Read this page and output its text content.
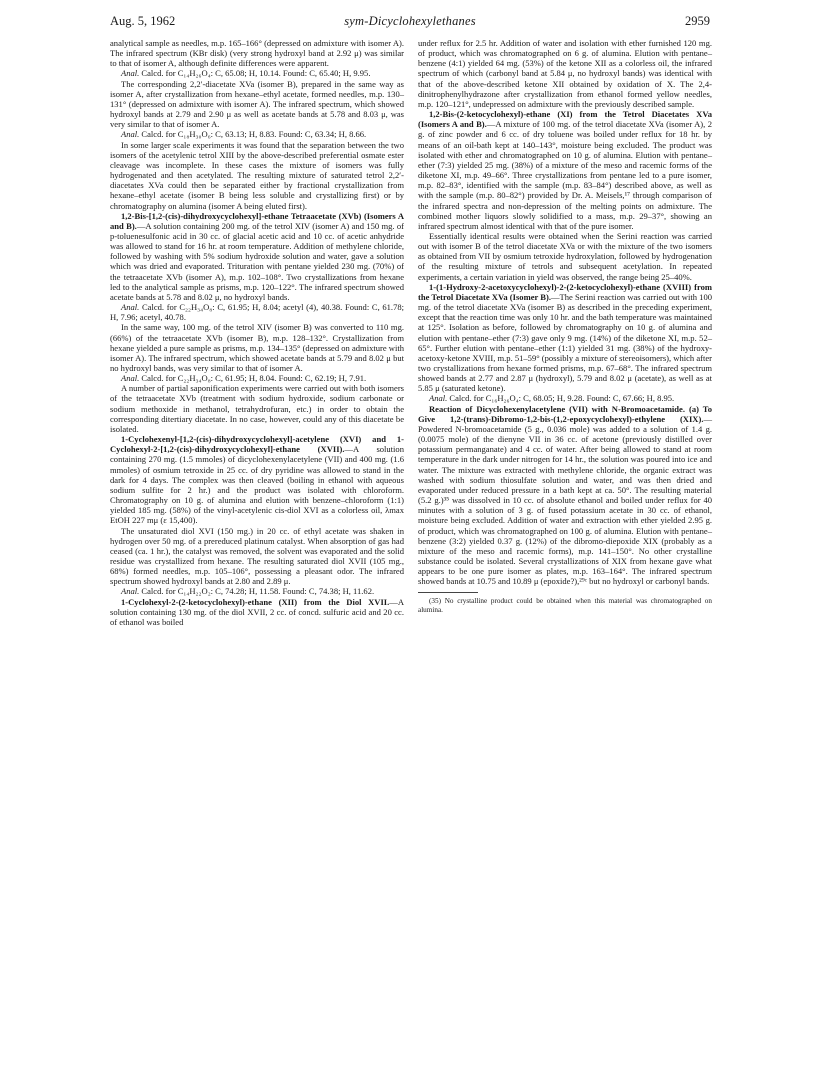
Aug. 5, 1962	sym-Dicyclohexylethanes	2959

analytical sample as needles, m.p. 165–166° (depressed on admixture with isomer A). The infrared spectrum (KBr disk) (very strong hydroxyl band at 2.92 μ) was similar to that of isomer A, although definite differences were apparent.

Anal. Calcd. for C₁₄H₂₆O₄: C, 65.08; H, 10.14. Found: C, 65.40; H, 9.95.

The corresponding 2,2′-diacetate XVa (isomer B), prepared in the same way as isomer A, after crystallization from hexane–ethyl acetate, formed needles, m.p. 130–131° (depressed on admixture with isomer A). The infrared spectrum, which showed hydroxyl bands at 2.79 and 2.90 μ as well as acetate bands at 5.78 and 8.03 μ, was very similar to that of isomer A.

Anal. Calcd. for C₁₈H₃₀O₆: C, 63.13; H, 8.83. Found: C, 63.34; H, 8.66.

In some larger scale experiments it was found that the separation between the two isomers of the acetylenic tetrol XIII by the above-described preferential osmate ester cleavage was incomplete. In these cases the mixture of isomers was fully hydrogenated and then acetylated. The resulting mixture of saturated tetrol 2,2′-diacetates XVa could then be separated either by fractional crystallization from hexane–ethyl acetate (isomer B being less soluble and crystallizing first) or by chromatography on alumina (isomer A being eluted first).

1,2-Bis-[1,2-(cis)-dihydroxycyclohexyl]-ethane Tetraacetate (XVb) (Isomers A and B).—A solution containing 200 mg. of the tetrol XIV (isomer A) and 150 mg. of p-toluenesulfonic acid in 30 cc. of glacial acetic acid and 10 cc. of acetic anhydride was allowed to stand for 16 hr. at room temperature. Addition of methylene chloride, followed by washing with 5% sodium hydroxide solution and water, gave a solution which was dried and evaporated. Trituration with pentane yielded 230 mg. (70%) of the tetraacetate XVb (isomer A), m.p. 102–108°. Two crystallizations from hexane led to the analytical sample as prisms, m.p. 120–122°. The infrared spectrum showed acetate bands at 5.78 and 8.02 μ, no hydroxyl bands.

Anal. Calcd. for C₂₂H₃₄O₈: C, 61.95; H, 8.04; acetyl (4), 40.38. Found: C, 61.78; H, 7.96; acetyl, 40.78.

In the same way, 100 mg. of the tetrol XIV (isomer B) was converted to 110 mg. (66%) of the tetraacetate XVb (isomer B), m.p. 128–132°. Crystallization from hexane yielded a pure sample as prisms, m.p. 134–135° (depressed on admixture with isomer A). The infrared spectrum, which showed acetate bands at 5.79 and 8.02 μ but no hydroxyl bands, was very similar to that of isomer A.

Anal. Calcd. for C₂₂H₃₄O₈: C, 61.95; H, 8.04. Found: C, 62.19; H, 7.91.

A number of partial saponification experiments were carried out with both isomers of the tetraacetate XVb (treatment with sodium hydroxide, sodium carbonate or sodium methoxide in methanol, tetrahydrofuran, etc.) in order to obtain the corresponding ditertiary diacetate. In no case, however, could any of this diacetate be isolated.

1-Cyclohexenyl-[1,2-(cis)-dihydroxycyclohexyl]-acetylene (XVI) and 1-Cyclohexyl-2-[1,2-(cis)-dihydroxycyclohexyl]-ethane (XVII).—A solution containing 270 mg. (1.5 mmoles) of dicyclohexenylacetylene (VII) and 400 mg. (1.6 mmoles) of osmium tetroxide in 25 cc. of dry pyridine was allowed to stand in the dark for 4 days. The complex was then cleaved (boiling in ethanol with aqueous sodium sulfite for 2 hr.) and the product was isolated with chloroform. Chromatography on 10 g. of alumina and elution with benzene–chloroform (1:1) yielded 185 mg. (58%) of the vinyl-acetylenic cis-diol XVI as a colorless oil, λmax EtOH 227 mμ (ε 15,400).

The unsaturated diol XVI (150 mg.) in 20 cc. of ethyl acetate was shaken in hydrogen over 50 mg. of a prereduced platinum catalyst. When absorption of gas had ceased (ca. 1 hr.), the catalyst was removed, the solvent was evaporated and the solid residue was crystallized from hexane. The resulting saturated diol XVII (105 mg., 68%) formed needles, m.p. 105–106°, possessing a pleasant odor. The infrared spectrum showed hydroxyl bands at 2.80 and 2.89 μ.

Anal. Calcd. for C₁₄H₂₂O₂: C, 74.28; H, 11.58. Found: C, 74.38; H, 11.62.

1-Cyclohexyl-2-(2-ketocyclohexyl)-ethane (XII) from the Diol XVII.—A solution containing 130 mg. of the diol XVII, 2 cc. of concd. sulfuric acid and 20 cc. of ethanol was boiled

under reflux for 2.5 hr. Addition of water and isolation with ether furnished 120 mg. of product, which was chromatographed on 6 g. of alumina. Elution with pentane–benzene (4:1) yielded 64 mg. (53%) of the ketone XII as a colorless oil, the infrared spectrum of which (carbonyl band at 5.84 μ, no hydroxyl bands) was identical with that of the above-described ketone XII obtained by oxidation of X. The 2,4-dinitrophenylhydrazone after crystallization from ethanol formed yellow needles, m.p. 120–121°, undepressed on admixture with the previously described sample.

1,2-Bis-(2-ketocyclohexyl)-ethane (XI) from the Tetrol Diacetates XVa (Isomers A and B).—A mixture of 100 mg. of the tetrol diacetate XVa (isomer A), 2 g. of zinc powder and 6 cc. of dry toluene was boiled under reflux for 18 hr. by means of an oil-bath kept at 140–143°, moisture being excluded. The product was isolated with ether and chromatographed on 10 g. of alumina. Elution with pentane–ether (7:3) yielded 25 mg. (38%) of a mixture of the meso and racemic forms of the diketone XI, m.p. 49–66°. Three crystallizations from pentane led to a pure isomer, m.p. 82–83°, identified with the sample (m.p. 83–84°) described above, as well as with the sample (m.p. 80–82°) provided by Dr. A. Meisels,¹⁷ through comparison of the infrared spectra and non-depression of the melting points on admixture. The combined mother liquors slowly solidified to a mass, m.p. 29–37°, showing an infrared spectrum almost identical with that of the pure isomer.

Essentially identical results were obtained when the Serini reaction was carried out with isomer B of the tetrol diacetate XVa or with the mixture of the two isomers as obtained from VII by osmium tetroxide hydroxylation, followed by hydrogenation of the resulting mixture of tetrols and subsequent acetylation. In repeated experiments, a certain variation in yield was observed, the range being 25–40%.

1-(1-Hydroxy-2-acetoxycyclohexyl)-2-(2-ketocyclohexyl)-ethane (XVIII) from the Tetrol Diacetate XVa (Isomer B).—The Serini reaction was carried out with 100 mg. of the tetrol diacetate XVa (isomer B) as described in the preceding experiment, except that the reaction time was only 10 hr. and the bath temperature was maintained at 125°. Isolation as before, followed by chromatography on 10 g. of alumina and elution with pentane–ether (7:3) gave only 9 mg. (14%) of the diketone XI, m.p. 52–65°. Further elution with pentane–ether (1:1) yielded 31 mg. (38%) of the hydroxy-acetoxy-ketone XVIII, m.p. 51–59° (possibly a mixture of stereoisomers), which after two crystallizations from hexane formed prisms, m.p. 67–68°. The infrared spectrum showed bands at 2.77 and 2.87 μ (hydroxyl), 5.79 and 8.02 μ (acetate), as well as at 5.85 μ (saturated ketone).

Anal. Calcd. for C₁₆H₂₆O₄: C, 68.05; H, 9.28. Found: C, 67.66; H, 8.95.

Reaction of Dicyclohexenylacetylene (VII) with N-Bromoacetamide. (a) To Give 1,2-(trans)-Dibromo-1,2-bis-(1,2-epoxycyclohexyl)-ethylene (XIX).—Powdered N-bromoacetamide (5 g., 0.036 mole) was added to a solution of 1.4 g. (0.0075 mole) of the dienyne VII in 36 cc. of acetone (previously distilled over potassium permanganate) and 4 cc. of water. After being allowed to stand at room temperature in the dark under nitrogen for 14 hr., the solution was poured into ice and water. The mixture was extracted with methylene chloride, the organic extract was washed with sodium thiosulfate solution and water, and was then dried and evaporated under reduced pressure in a bath kept at ca. 50°. The resulting material (5.2 g.)³⁵ was dissolved in 10 cc. of absolute ethanol and boiled under reflux for 40 minutes with a solution of 3 g. of fused potassium acetate in 30 cc. of ethanol, moisture being excluded. Addition of water and extraction with ether yielded 2.95 g. of product, which was chromatographed on 100 g. of alumina. Elution with pentane–benzene (3:2) yielded 0.37 g. (12%) of the dibromo-diepoxide XIX (probably as a mixture of the meso and racemic forms), m.p. 141–150°. No other crystalline substance could be isolated. Several crystallizations of XIX from hexane gave what appears to be one pure isomer as plates, m.p. 163–164°. The infrared spectrum showed bands at 10.75 and 10.89 μ (epoxide?),²⁹ᶜ but no hydroxyl or carbonyl bands.

(35) No crystalline product could be obtained when this material was chromatographed on alumina.
